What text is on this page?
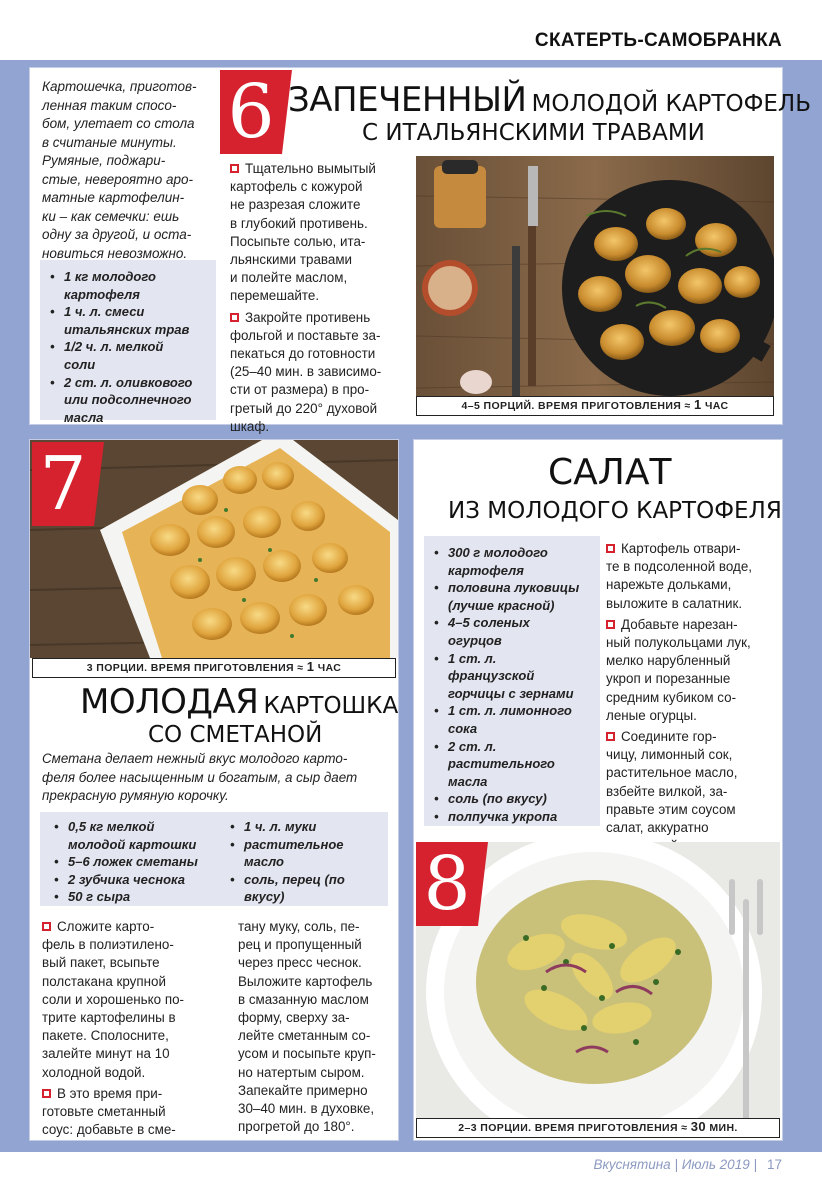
СКАТЕРТЬ-САМОБРАНКА
Картошечка, приготов-
ленная таким спосо-
бом, улетает со стола
в считаные минуты.
Румяные, поджари-
стые, невероятно аро-
матные картофелин-
ки – как семечки: ешь
одну за другой, и оста-
новиться невозможно.
• 1 кг молодого
картофеля
• 1 ч. л. смеси
итальянских трав
• 1/2 ч. л. мелкой
соли
• 2 ст. л. оливкового
или подсолнечного
масла
6 ЗАПЕЧЕННЫЙ МОЛОДОЙ КАРТОФЕЛЬ
С ИТАЛЬЯНСКИМИ ТРАВАМИ

Тщательно вымытый
картофель с кожурой
не разрезая сложите
в глубокий противень.
Посыпьте солью, ита-
льянскими травами
и полейте маслом,
перемешайте.

Закройте противень
фольгой и поставьте за-
пекаться до готовности
(25–40 мин. в зависимо-
сти от размера) в про-
гретый до 220° духовой
шкаф.

4–5 ПОРЦИЙ. ВРЕМЯ ПРИГОТОВЛЕНИЯ ≈ 1 ЧАС
7
3 ПОРЦИИ. ВРЕМЯ ПРИГОТОВЛЕНИЯ ≈ 1 ЧАС
МОЛОДАЯ КАРТОШКА
СО СМЕТАНОЙ
Сметана делает нежный вкус молодого карто-
феля более насыщенным и богатым, а сыр дает
прекрасную румяную корочку.
• 0,5 кг мелкой
молодой картошки
• 5–6 ложек сметаны
• 2 зубчика чеснока
• 50 г сыра
• 1 ч. л. муки
• растительное
масло
• соль, перец (по
вкусу)

Сложите карто-
фель в полиэтилено-
вый пакет, всыпьте
полстакана крупной
соли и хорошенько по-
трите картофелины в
пакете. Сполосните,
залейте минут на 10
холодной водой.

В это время при-
готовьте сметанный
соус: добавьте в сме-

тану муку, соль, пе-
рец и пропущенный
через пресс чеснок.
Выложите картофель
в смазанную маслом
форму, сверху за-
лейте сметанным со-
усом и посыпьте круп-
но натертым сыром.
Запекайте примерно
30–40 мин. в духовке,
прогретой до 180°.
САЛАТ
ИЗ МОЛОДОГО КАРТОФЕЛЯ
• 300 г молодого
картофеля
• половина луковицы
(лучше красной)
• 4–5 соленых
огурцов
• 1 ст. л.
французской
горчицы с зернами
• 1 ст. л. лимонного
сока
• 2 ст. л.
растительного
масла
• соль (по вкусу)
• полпучка укропа

Картофель отвари-
те в подсоленной воде,
нарежьте дольками,
выложите в салатник.

Добавьте нарезан-
ный полукольцами лук,
мелко нарубленный
укроп и порезанные
средним кубиком со-
леные огурцы.

Соедините гор-
чицу, лимонный сок,
растительное масло,
взбейте вилкой, за-
правьте этим соусом
салат, аккуратно

8
2–3 ПОРЦИИ. ВРЕМЯ ПРИГОТОВЛЕНИЯ ≈ 30 МИН.
Вкуснятина | Июль 2019 | 17
